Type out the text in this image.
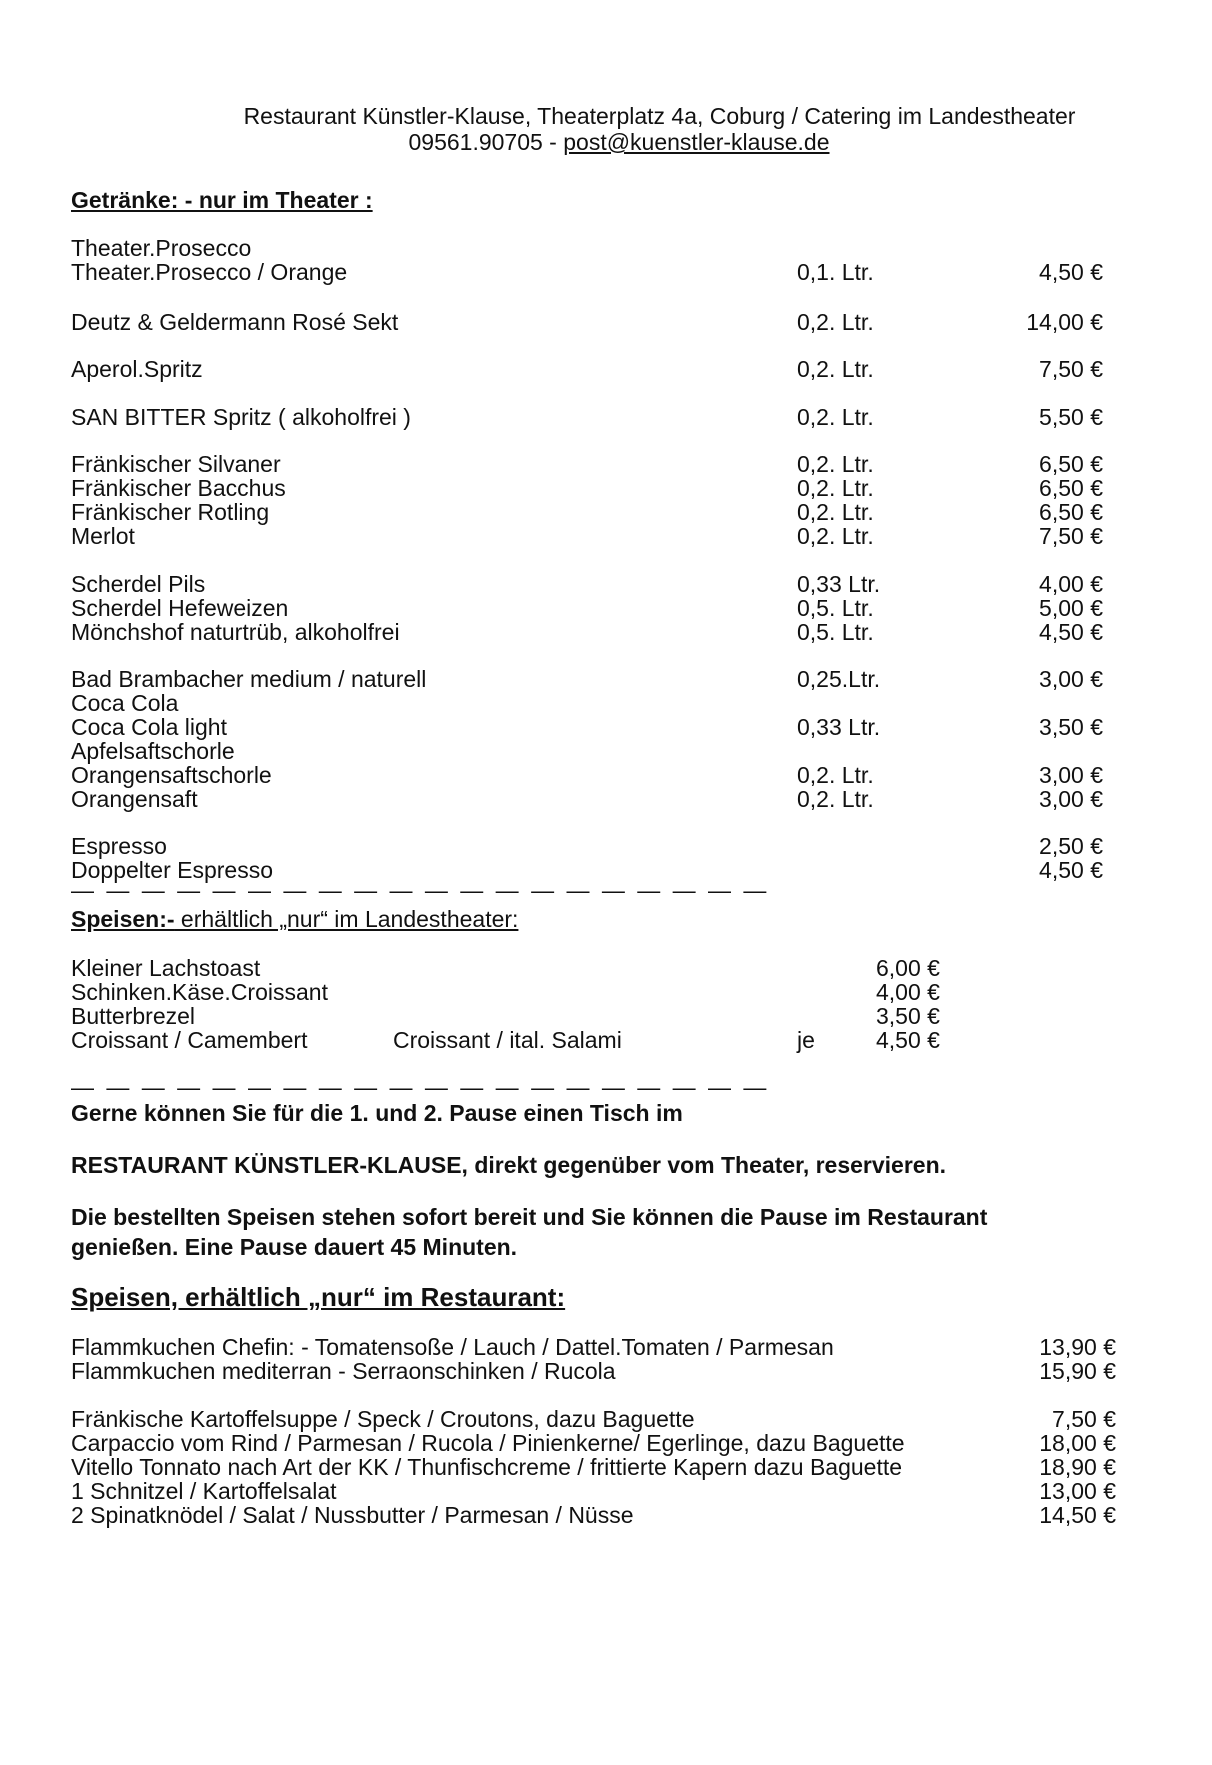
Restaurant Künstler-Klause, Theaterplatz 4a, Coburg / Catering im Landestheater
09561.90705 - post@kuenstler-klause.de
Getränke: - nur im Theater :
Theater.Prosecco
Theater.Prosecco / Orange	0,1. Ltr.	4,50 €
Deutz & Geldermann Rosé Sekt	0,2. Ltr.	14,00 €
Aperol.Spritz	0,2. Ltr.	7,50 €
SAN BITTER Spritz ( alkoholfrei )	0,2. Ltr.	5,50 €
Fränkischer Silvaner	0,2. Ltr.	6,50 €
Fränkischer Bacchus	0,2. Ltr.	6,50 €
Fränkischer Rotling	0,2. Ltr.	6,50 €
Merlot	0,2. Ltr.	7,50 €
Scherdel Pils	0,33 Ltr.	4,00 €
Scherdel Hefeweizen	0,5. Ltr.	5,00 €
Mönchshof naturtrüb, alkoholfrei	0,5. Ltr.	4,50 €
Bad Brambacher medium / naturell	0,25.Ltr.	3,00 €
Coca Cola
Coca Cola light	0,33 Ltr.	3,50 €
Apfelsaftschorle
Orangensaftschorle	0,2. Ltr.	3,00 €
Orangensaft	0,2. Ltr.	3,00 €
Espresso	2,50 €
Doppelter Espresso	4,50 €
— — — — — — — — — — — — — — — — — — — —
Speisen:- erhältlich „nur“ im Landestheater:
Kleiner Lachstoast	6,00 €
Schinken.Käse.Croissant	4,00 €
Butterbrezel	3,50 €
Croissant / Camembert	Croissant / ital. Salami	je	4,50 €
— — — — — — — — — — — — — — — — — — — —
Gerne können Sie für die 1. und 2. Pause einen Tisch im
RESTAURANT KÜNSTLER-KLAUSE, direkt gegenüber vom Theater, reservieren.
Die bestellten Speisen stehen sofort bereit und Sie können die Pause im Restaurant genießen. Eine Pause dauert 45 Minuten.
Speisen, erhältlich „nur“ im Restaurant:
Flammkuchen Chefin: - Tomatensoße / Lauch / Dattel.Tomaten / Parmesan	13,90 €
Flammkuchen mediterran - Serraonschinken / Rucola	15,90 €
Fränkische Kartoffelsuppe / Speck / Croutons, dazu Baguette	7,50 €
Carpaccio vom Rind / Parmesan / Rucola / Pinienkerne/ Egerlinge, dazu Baguette	18,00 €
Vitello Tonnato nach Art der KK / Thunfischcreme / frittierte Kapern dazu Baguette	18,90 €
1 Schnitzel / Kartoffelsalat	13,00 €
2 Spinatknödel / Salat / Nussbutter / Parmesan / Nüsse	14,50 €
